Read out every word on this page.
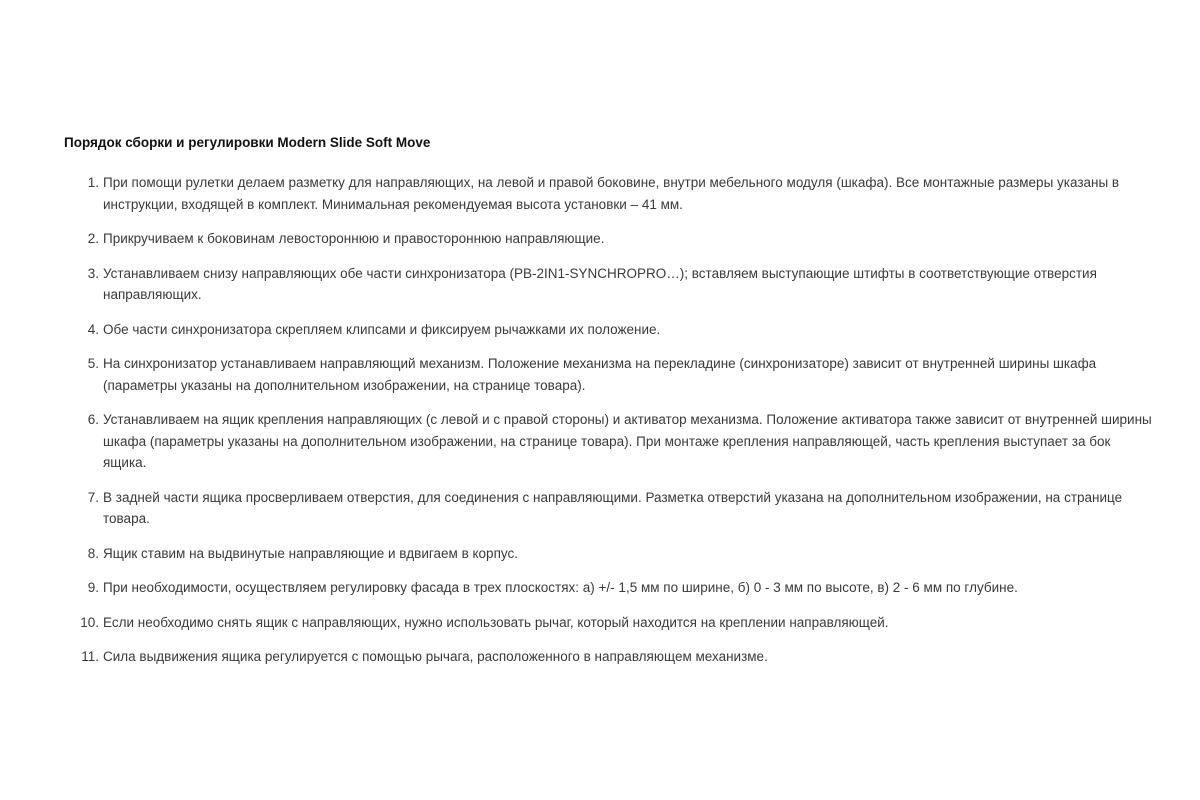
Порядок сборки и регулировки Modern Slide Soft Move
1. При помощи рулетки делаем разметку для направляющих, на левой и правой боковине, внутри мебельного модуля (шкафа). Все монтажные размеры указаны в инструкции, входящей в комплект. Минимальная рекомендуемая высота установки – 41 мм.
2. Прикручиваем к боковинам левостороннюю и правостороннюю направляющие.
3. Устанавливаем снизу направляющих обе части синхронизатора (PB-2IN1-SYNCHROPRO…); вставляем выступающие штифты в соответствующие отверстия направляющих.
4. Обе части синхронизатора скрепляем клипсами и фиксируем рычажками их положение.
5. На синхронизатор устанавливаем направляющий механизм. Положение механизма на перекладине (синхронизаторе) зависит от внутренней ширины шкафа (параметры указаны на дополнительном изображении, на странице товара).
6. Устанавливаем на ящик крепления направляющих (с левой и с правой стороны) и активатор механизма. Положение активатора также зависит от внутренней ширины шкафа (параметры указаны на дополнительном изображении, на странице товара). При монтаже крепления направляющей, часть крепления выступает за бок ящика.
7. В задней части ящика просверливаем отверстия, для соединения с направляющими. Разметка отверстий указана на дополнительном изображении, на странице товара.
8. Ящик ставим на выдвинутые направляющие и вдвигаем в корпус.
9. При необходимости, осуществляем регулировку фасада в трех плоскостях: а) +/- 1,5 мм по ширине, б) 0 - 3 мм по высоте, в) 2 - 6 мм по глубине.
10. Если необходимо снять ящик с направляющих, нужно использовать рычаг, который находится на креплении направляющей.
11. Сила выдвижения ящика регулируется с помощью рычага, расположенного в направляющем механизме.
